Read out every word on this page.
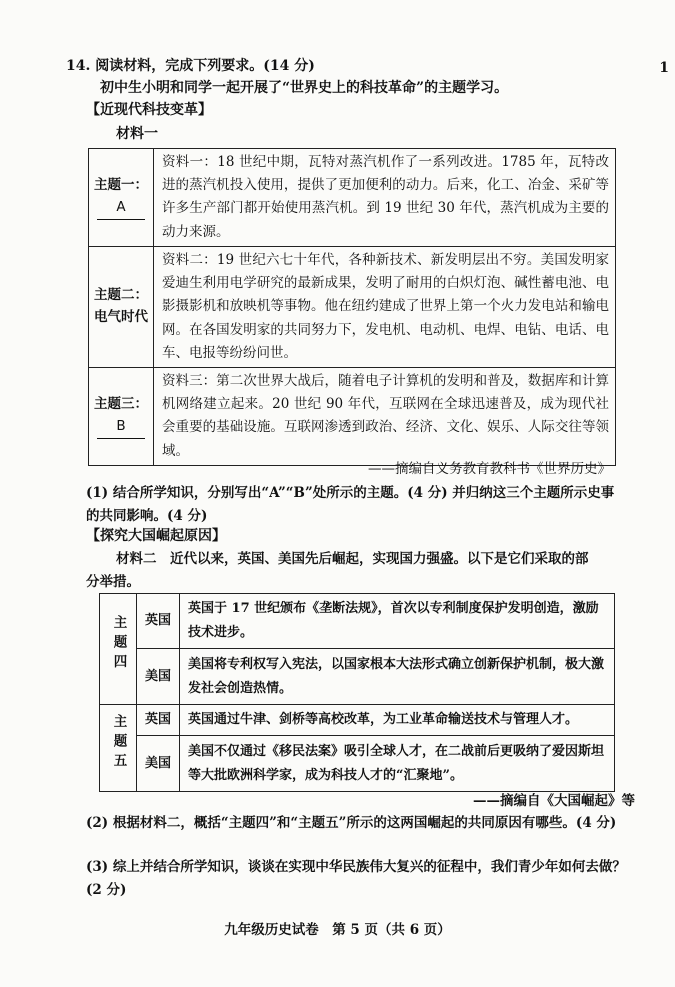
1
14. 阅读材料，完成下列要求。(14 分)
初中生小明和同学一起开展了“世界史上的科技革命”的主题学习。
【近现代科技变革】
材料一
主题一：
A	资料一：18 世纪中期，瓦特对蒸汽机作了一系列改进。1785 年，瓦特改进的蒸汽机投入使用，提供了更加便利的动力。后来，化工、冶金、采矿等许多生产部门都开始使用蒸汽机。到 19 世纪 30 年代，蒸汽机成为主要的动力来源。

主题二：
电气时代	资料二：19 世纪六七十年代，各种新技术、新发明层出不穷。美国发明家爱迪生利用电学研究的最新成果，发明了耐用的白炽灯泡、碱性蓄电池、电影摄影机和放映机等事物。他在纽约建成了世界上第一个火力发电站和输电网。在各国发明家的共同努力下，发电机、电动机、电焊、电钻、电话、电车、电报等纷纷问世。

主题三：
B	资料三：第二次世界大战后，随着电子计算机的发明和普及，数据库和计算机网络建立起来。20 世纪 90 年代，互联网在全球迅速普及，成为现代社会重要的基础设施。互联网渗透到政治、经济、文化、娱乐、人际交往等领域。
——摘编自义务教育教科书《世界历史》
(1) 结合所学知识，分别写出“A”“B”处所示的主题。(4 分) 并归纳这三个主题所示史事的共同影响。(4 分)
【探究大国崛起原因】
材料二　近代以来，英国、美国先后崛起，实现国力强盛。以下是它们采取的部
分举措。
主题四	英国	英国于 17 世纪颁布《垄断法规》，首次以专利制度保护发明创造，激励技术进步。
	美国	美国将专利权写入宪法，以国家根本大法形式确立创新保护机制，极大激发社会创造热情。
主题五	英国	英国通过牛津、剑桥等高校改革，为工业革命输送技术与管理人才。
	美国	美国不仅通过《移民法案》吸引全球人才，在二战前后更吸纳了爱因斯坦等大批欧洲科学家，成为科技人才的“汇聚地”。
——摘编自《大国崛起》等
(2) 根据材料二，概括“主题四”和“主题五”所示的这两国崛起的共同原因有哪些。(4 分)
(3) 综上并结合所学知识，谈谈在实现中华民族伟大复兴的征程中，我们青少年如何去做？(2 分)
九年级历史试卷　第 5 页（共 6 页）
